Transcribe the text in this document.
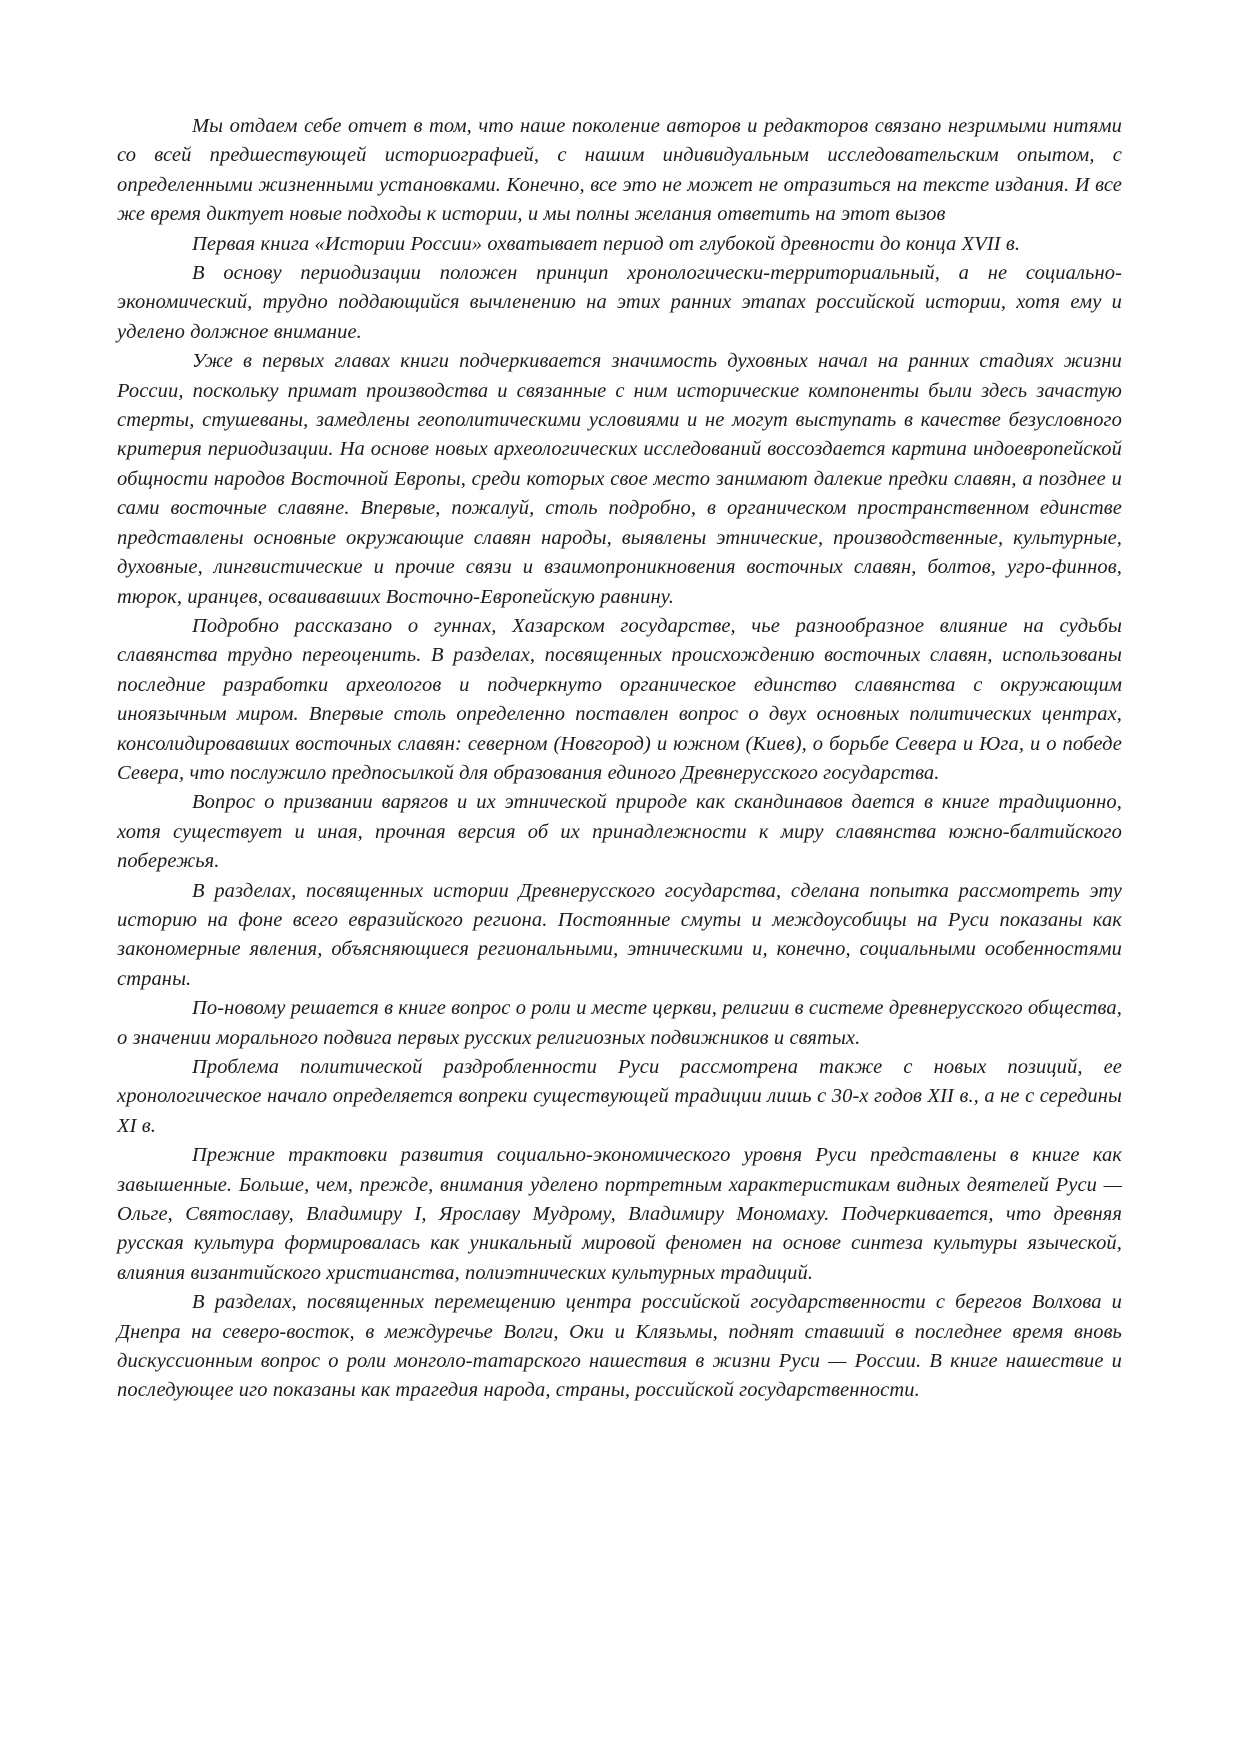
Мы отдаем себе отчет в том, что наше поколение авторов и редакторов связано незримыми нитями со всей предшествующей историографией, с нашим индивидуальным исследовательским опытом, с определенными жизненными установками. Конечно, все это не может не отразиться на тексте издания. И все же время диктует новые подходы к истории, и мы полны желания ответить на этот вызов

Первая книга «Истории России» охватывает период от глубокой древности до конца XVII в.

В основу периодизации положен принцип хронологически-территориальный, а не социально-экономический, трудно поддающийся вычленению на этих ранних этапах российской истории, хотя ему и уделено должное внимание.

Уже в первых главах книги подчеркивается значимость духовных начал на ранних стадиях жизни России, поскольку примат производства и связанные с ним исторические компоненты были здесь зачастую стерты, стушеваны, замедлены геополитическими условиями и не могут выступать в качестве безусловного критерия периодизации. На основе новых археологических исследований воссоздается картина индоевропейской общности народов Восточной Европы, среди которых свое место занимают далекие предки славян, а позднее и сами восточные славяне. Впервые, пожалуй, столь подробно, в органическом пространственном единстве представлены основные окружающие славян народы, выявлены этнические, производственные, культурные, духовные, лингвистические и прочие связи и взаимопроникновения восточных славян, болтов, угро-финнов, тюрок, иранцев, осваивавших Восточно-Европейскую равнину.

Подробно рассказано о гуннах, Хазарском государстве, чье разнообразное влияние на судьбы славянства трудно переоценить. В разделах, посвященных происхождению восточных славян, использованы последние разработки археологов и подчеркнуто органическое единство славянства с окружающим иноязычным миром. Впервые столь определенно поставлен вопрос о двух основных политических центрах, консолидировавших восточных славян: северном (Новгород) и южном (Киев), о борьбе Севера и Юга, и о победе Севера, что послужило предпосылкой для образования единого Древнерусского государства.

Вопрос о призвании варягов и их этнической природе как скандинавов дается в книге традиционно, хотя существует и иная, прочная версия об их принадлежности к миру славянства южно-балтийского побережья.

В разделах, посвященных истории Древнерусского государства, сделана попытка рассмотреть эту историю на фоне всего евразийского региона. Постоянные смуты и междоусобицы на Руси показаны как закономерные явления, объясняющиеся региональными, этническими и, конечно, социальными особенностями страны.

По-новому решается в книге вопрос о роли и месте церкви, религии в системе древнерусского общества, о значении морального подвига первых русских религиозных подвижников и святых.

Проблема политической раздробленности Руси рассмотрена также с новых позиций, ее хронологическое начало определяется вопреки существующей традиции лишь с 30-х годов XII в., а не с середины XI в.

Прежние трактовки развития социально-экономического уровня Руси представлены в книге как завышенные. Больше, чем, прежде, внимания уделено портретным характеристикам видных деятелей Руси — Ольге, Святославу, Владимиру I, Ярославу Мудрому, Владимиру Мономаху. Подчеркивается, что древняя русская культура формировалась как уникальный мировой феномен на основе синтеза культуры языческой, влияния византийского христианства, полиэтнических культурных традиций.

В разделах, посвященных перемещению центра российской государственности с берегов Волхова и Днепра на северо-восток, в междуречье Волги, Оки и Клязьмы, поднят ставший в последнее время вновь дискуссионным вопрос о роли монголо-татарского нашествия в жизни Руси — России. В книге нашествие и последующее иго показаны как трагедия народа, страны, российской государственности.
